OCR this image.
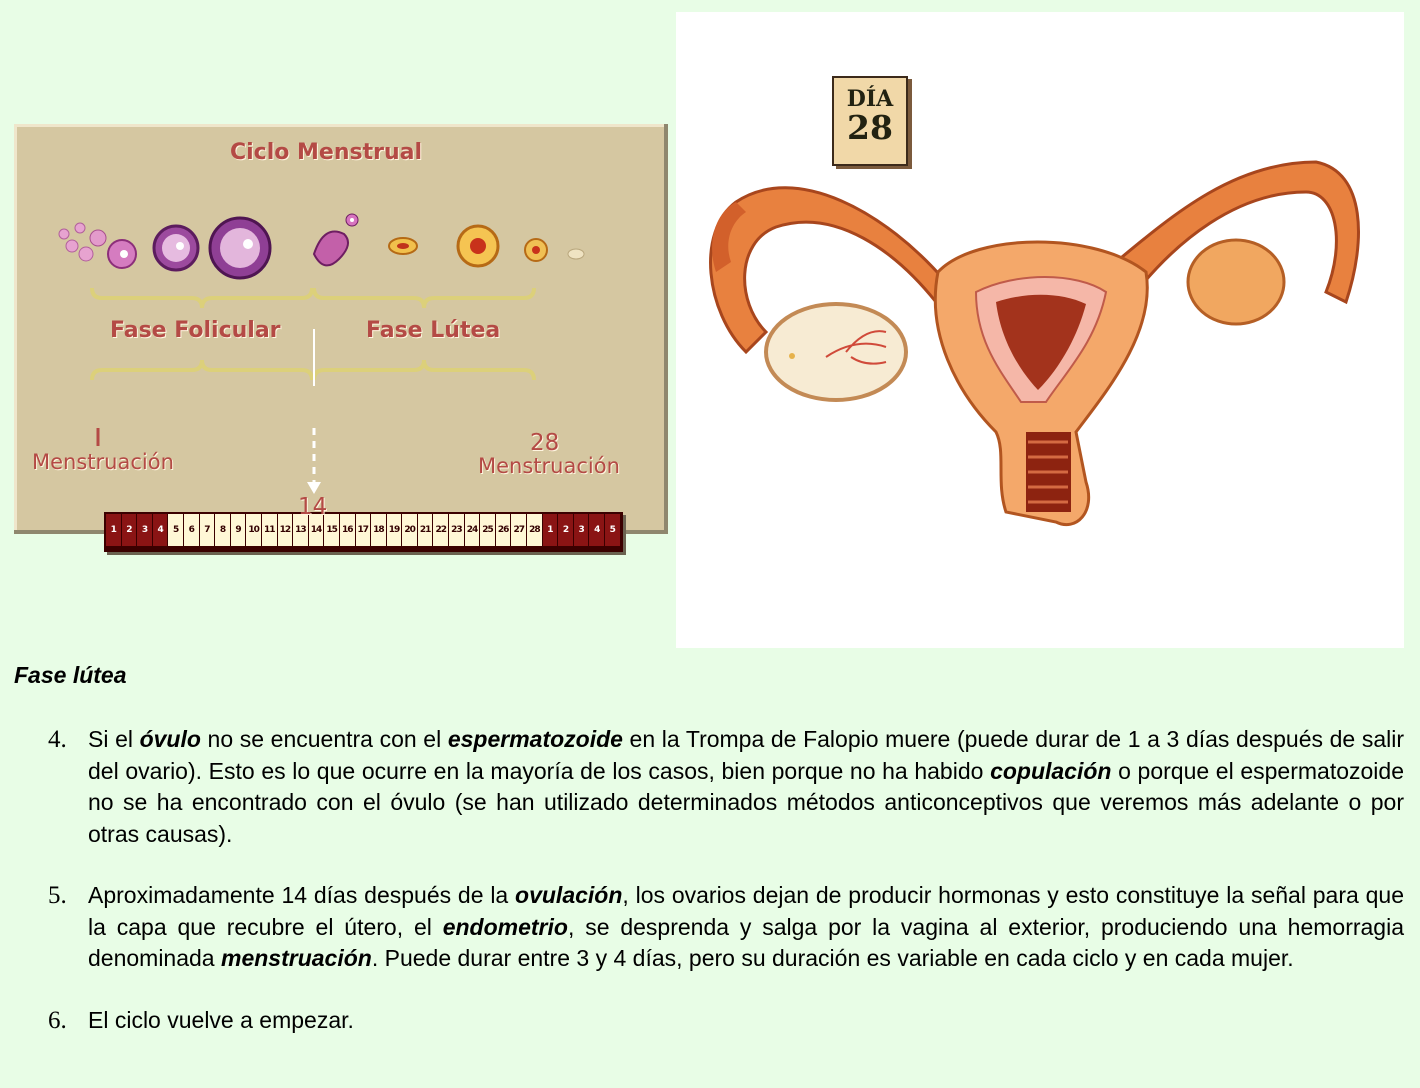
Ciclo Menstrual
Fase Folicular	Fase Lútea
1	2	3	4	5	6	7	8	9 10 11 12 13 14 15 16 17 18 19 20 21 22 23 24 25 26 27 28 1	2	3	4	5
Menstruación
28
Menstruación
14
DÍA
28
Fase lútea
4. Si el óvulo no se encuentra con el espermatozoide en la Trompa de Falopio muere (puede durar de 1 a 3 días después de salir del ovario). Esto es lo que ocurre en la mayoría de los casos, bien porque no ha habido copulación o porque el espermatozoide no se ha encontrado con el óvulo (se han utilizado determinados métodos anticonceptivos que veremos más adelante o por otras causas).
5. Aproximadamente 14 días después de la ovulación, los ovarios dejan de producir hormonas y esto constituye la señal para que la capa que recubre el útero, el endometrio, se desprenda y salga por la vagina al exterior, produciendo una hemorragia denominada menstruación. Puede durar entre 3 y 4 días, pero su duración es variable en cada ciclo y en cada mujer.
6. El ciclo vuelve a empezar.
